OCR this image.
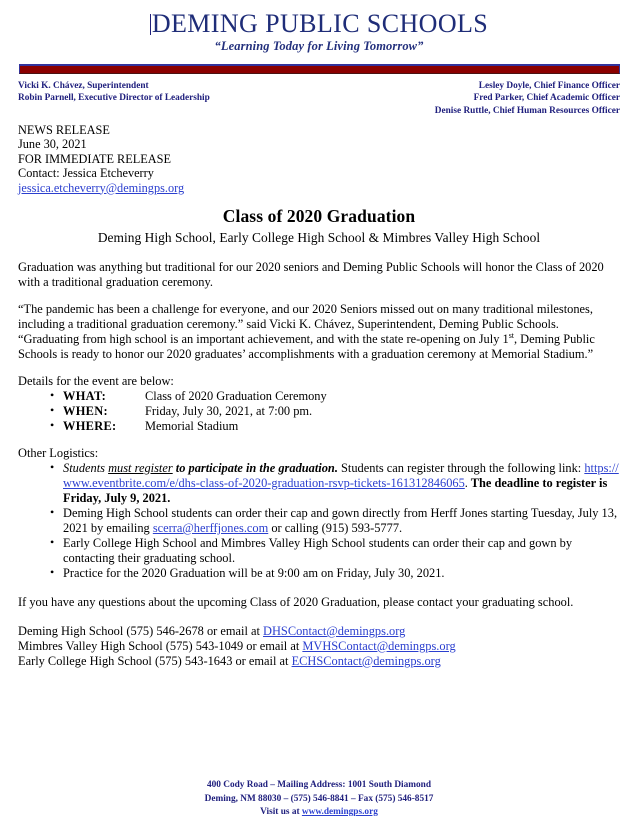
DEMING PUBLIC SCHOOLS
“Learning Today for Living Tomorrow”
Vicki K. Chávez, Superintendent
Robin Parnell, Executive Director of Leadership
Lesley Doyle, Chief Finance Officer
Fred Parker, Chief Academic Officer
Denise Ruttle, Chief Human Resources Officer
NEWS RELEASE
June 30, 2021
FOR IMMEDIATE RELEASE
Contact: Jessica Etcheverry
jessica.etcheverry@demingps.org
Class of 2020 Graduation
Deming High School, Early College High School & Mimbres Valley High School

Graduation was anything but traditional for our 2020 seniors and Deming Public Schools will honor the Class of 2020 with a traditional graduation ceremony.

“The pandemic has been a challenge for everyone, and our 2020 Seniors missed out on many traditional milestones, including a traditional graduation ceremony.” said Vicki K. Chávez, Superintendent, Deming Public Schools. “Graduating from high school is an important achievement, and with the state re-opening on July 1st, Deming Public Schools is ready to honor our 2020 graduates’ accomplishments with a graduation ceremony at Memorial Stadium.”

Details for the event are below:

• WHAT:	Class of 2020 Graduation Ceremony
• WHEN:	Friday, July 30, 2021, at 7:00 pm.
• WHERE:	Memorial Stadium

Other Logistics:

• Students must register to participate in the graduation. Students can register through the following link: https://www.eventbrite.com/e/dhs-class-of-2020-graduation-rsvp-tickets-161312846065. The deadline to register is Friday, July 9, 2021.
• Deming High School students can order their cap and gown directly from Herff Jones starting Tuesday, July 13, 2021 by emailing scerra@herffjones.com or calling (915) 593-5777.
• Early College High School and Mimbres Valley High School students can order their cap and gown by contacting their graduating school.
• Practice for the 2020 Graduation will be at 9:00 am on Friday, July 30, 2021.

If you have any questions about the upcoming Class of 2020 Graduation, please contact your graduating school.

Deming High School (575) 546-2678 or email at DHSContact@demingps.org
Mimbres Valley High School (575) 543-1049 or email at MVHSContact@demingps.org
Early College High School (575) 543-1643 or email at ECHSContact@demingps.org
400 Cody Road – Mailing Address: 1001 South Diamond
Deming, NM 88030 – (575) 546-8841 – Fax (575) 546-8517
Visit us at www.demingps.org
